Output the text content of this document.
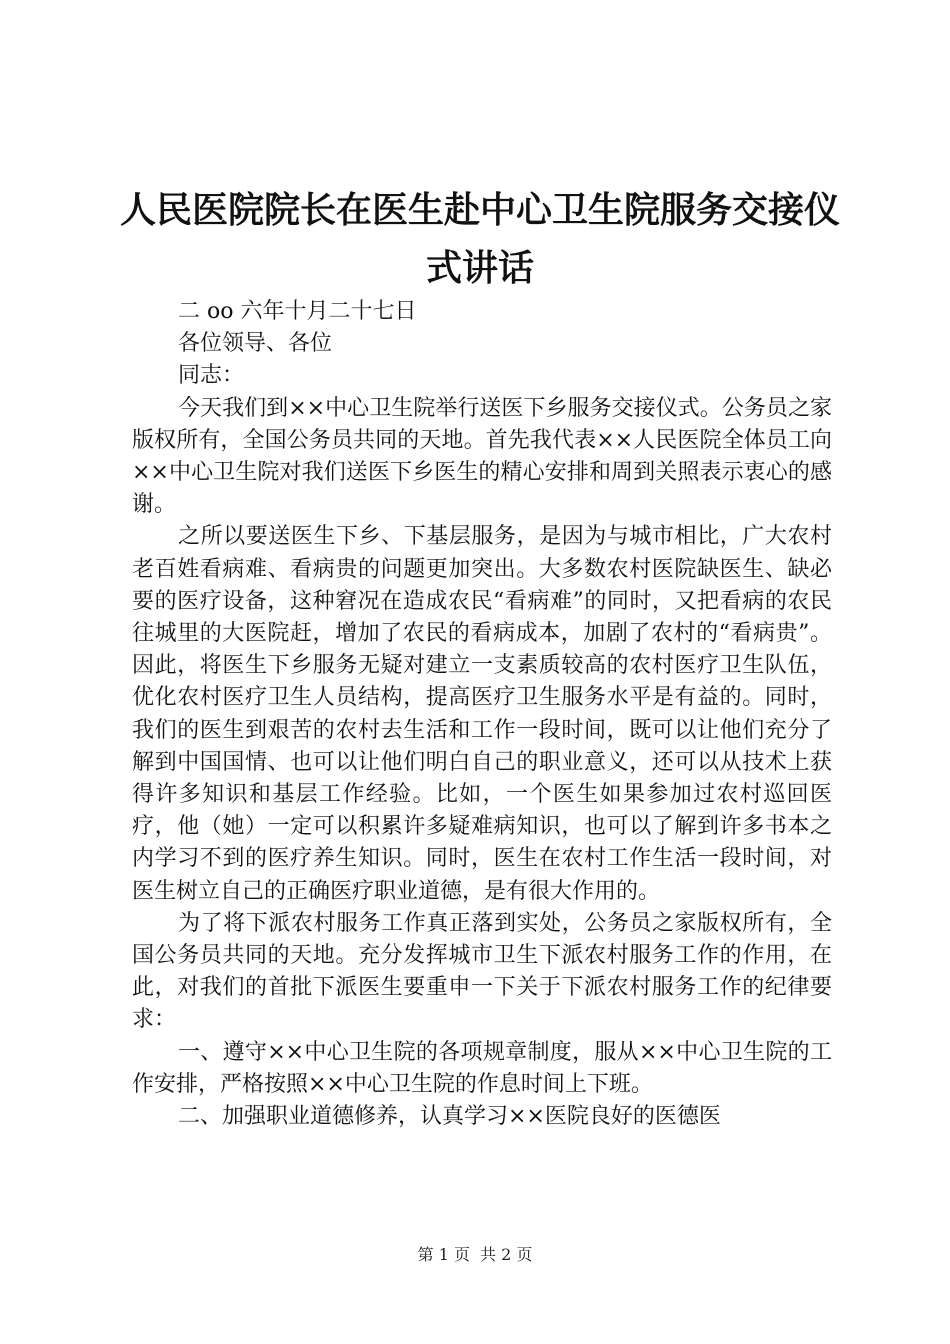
人民医院院长在医生赴中心卫生院服务交接仪
式讲话

二 oo 六年十月二十七日

各位领导、各位

同志：

今天我们到××中心卫生院举行送医下乡服务交接仪式。公务员之家版权所有，全国公务员共同的天地。首先我代表××人民医院全体员工向××中心卫生院对我们送医下乡医生的精心安排和周到关照表示衷心的感谢。

之所以要送医生下乡、下基层服务，是因为与城市相比，广大农村老百姓看病难、看病贵的问题更加突出。大多数农村医院缺医生、缺必要的医疗设备，这种窘况在造成农民“看病难”的同时，又把看病的农民往城里的大医院赶，增加了农民的看病成本，加剧了农村的“看病贵”。因此，将医生下乡服务无疑对建立一支素质较高的农村医疗卫生队伍，优化农村医疗卫生人员结构，提高医疗卫生服务水平是有益的。同时，我们的医生到艰苦的农村去生活和工作一段时间，既可以让他们充分了解到中国国情、也可以让他们明白自己的职业意义，还可以从技术上获得许多知识和基层工作经验。比如，一个医生如果参加过农村巡回医疗，他（她）一定可以积累许多疑难病知识，也可以了解到许多书本之内学习不到的医疗养生知识。同时，医生在农村工作生活一段时间，对医生树立自己的正确医疗职业道德，是有很大作用的。

为了将下派农村服务工作真正落到实处，公务员之家版权所有，全国公务员共同的天地。充分发挥城市卫生下派农村服务工作的作用，在此，对我们的首批下派医生要重申一下关于下派农村服务工作的纪律要求：

一、遵守××中心卫生院的各项规章制度，服从××中心卫生院的工作安排，严格按照××中心卫生院的作息时间上下班。

二、加强职业道德修养，认真学习××医院良好的医德医

第 1 页 共 2 页
